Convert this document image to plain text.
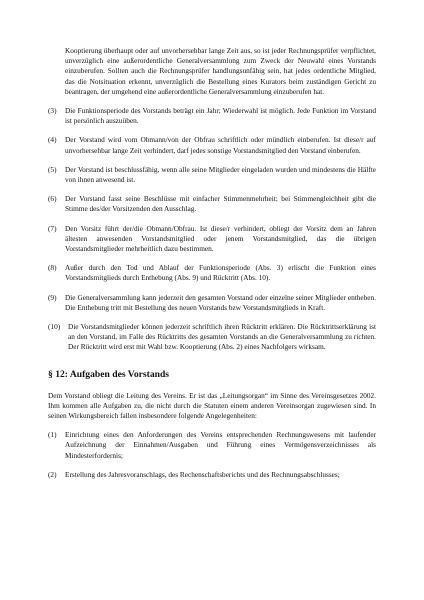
Kooptierung überhaupt oder auf unvorhersehbar lange Zeit aus, so ist jeder Rechnungsprüfer verpflichtet, unverzüglich eine außerordentliche Generalversammlung zum Zweck der Neuwahl eines Vorstands einzuberufen. Sollten auch die Rechnungsprüfer handlungsunfähig sein, hat jedes ordentliche Mitglied, das die Notsituation erkennt, unverzüglich die Bestellung eines Kurators beim zuständigen Gericht zu beantragen, der umgehend eine außerordentliche Generalversammlung einzuberufen hat.

(3)	Die Funktionsperiode des Vorstands beträgt ein Jahr; Wiederwahl ist möglich. Jede Funktion im Vorstand ist persönlich auszuüben.
(4)	Der Vorstand wird vom Obmann/von der Obfrau schriftlich oder mündlich einberufen. Ist diese/r auf unvorhersehbar lange Zeit verhindert, darf jedes sonstige Vorstandsmitglied den Vorstand einberufen.
(5)	Der Vorstand ist beschlussfähig, wenn alle seine Mitglieder eingeladen wurden und mindestens die Hälfte von ihnen anwesend ist.
(6)	Der Vorstand fasst seine Beschlüsse mit einfacher Stimmenmehrheit; bei Stimmengleichheit gibt die Stimme des/der Vorsitzenden den Ausschlag.
(7)	Den Vorsitz führt der/die Obmann/Obfrau. Ist diese/r verhindert, obliegt der Vorsitz dem an Jahren ältesten anwesenden Vorstandsmitglied oder jenem Vorstandsmitglied, das die übrigen Vorstandsmitglieder mehrheitlich dazu bestimmen.
(8)	Außer durch den Tod und Ablauf der Funktionsperiode (Abs. 3) erlischt die Funktion eines Vorstandsmitglieds durch Enthebung (Abs. 9) und Rücktritt (Abs. 10).
(9)	Die Generalversammlung kann jederzeit den gesamten Vorstand oder einzelne seiner Mitglieder entheben. Die Enthebung tritt mit Bestellung des neuen Vorstands bzw Vorstandsmitglieds in Kraft.
(10)	Die Vorstandsmitglieder können jederzeit schriftlich ihren Rücktritt erklären. Die Rücktrittserklärung ist an den Vorstand, im Falle des Rücktritts des gesamten Vorstands an die Generalversammlung zu richten. Der Rücktritt wird erst mit Wahl bzw. Kooptierung (Abs. 2) eines Nachfolgers wirksam.
§ 12: Aufgaben des Vorstands

Dem Vorstand obliegt die Leitung des Vereins. Er ist das „Leitungsorgan“ im Sinne des Vereinsgesetzes 2002. Ihm kommen alle Aufgaben zu, die nicht durch die Statuten einem anderen Vereinsorgan zugewiesen sind. In seinen Wirkungsbereich fallen insbesondere folgende Angelegenheiten:

(1)	Einrichtung eines den Anforderungen des Vereins entsprechenden Rechnungswesens mit laufender Aufzeichnung der Einnahmen/Ausgaben und Führung eines Vermögensverzeichnisses als Mindesterfordernis;
(2)	Erstellung des Jahresvoranschlags, des Rechenschaftsberichts und des Rechnungsabschlusses;
